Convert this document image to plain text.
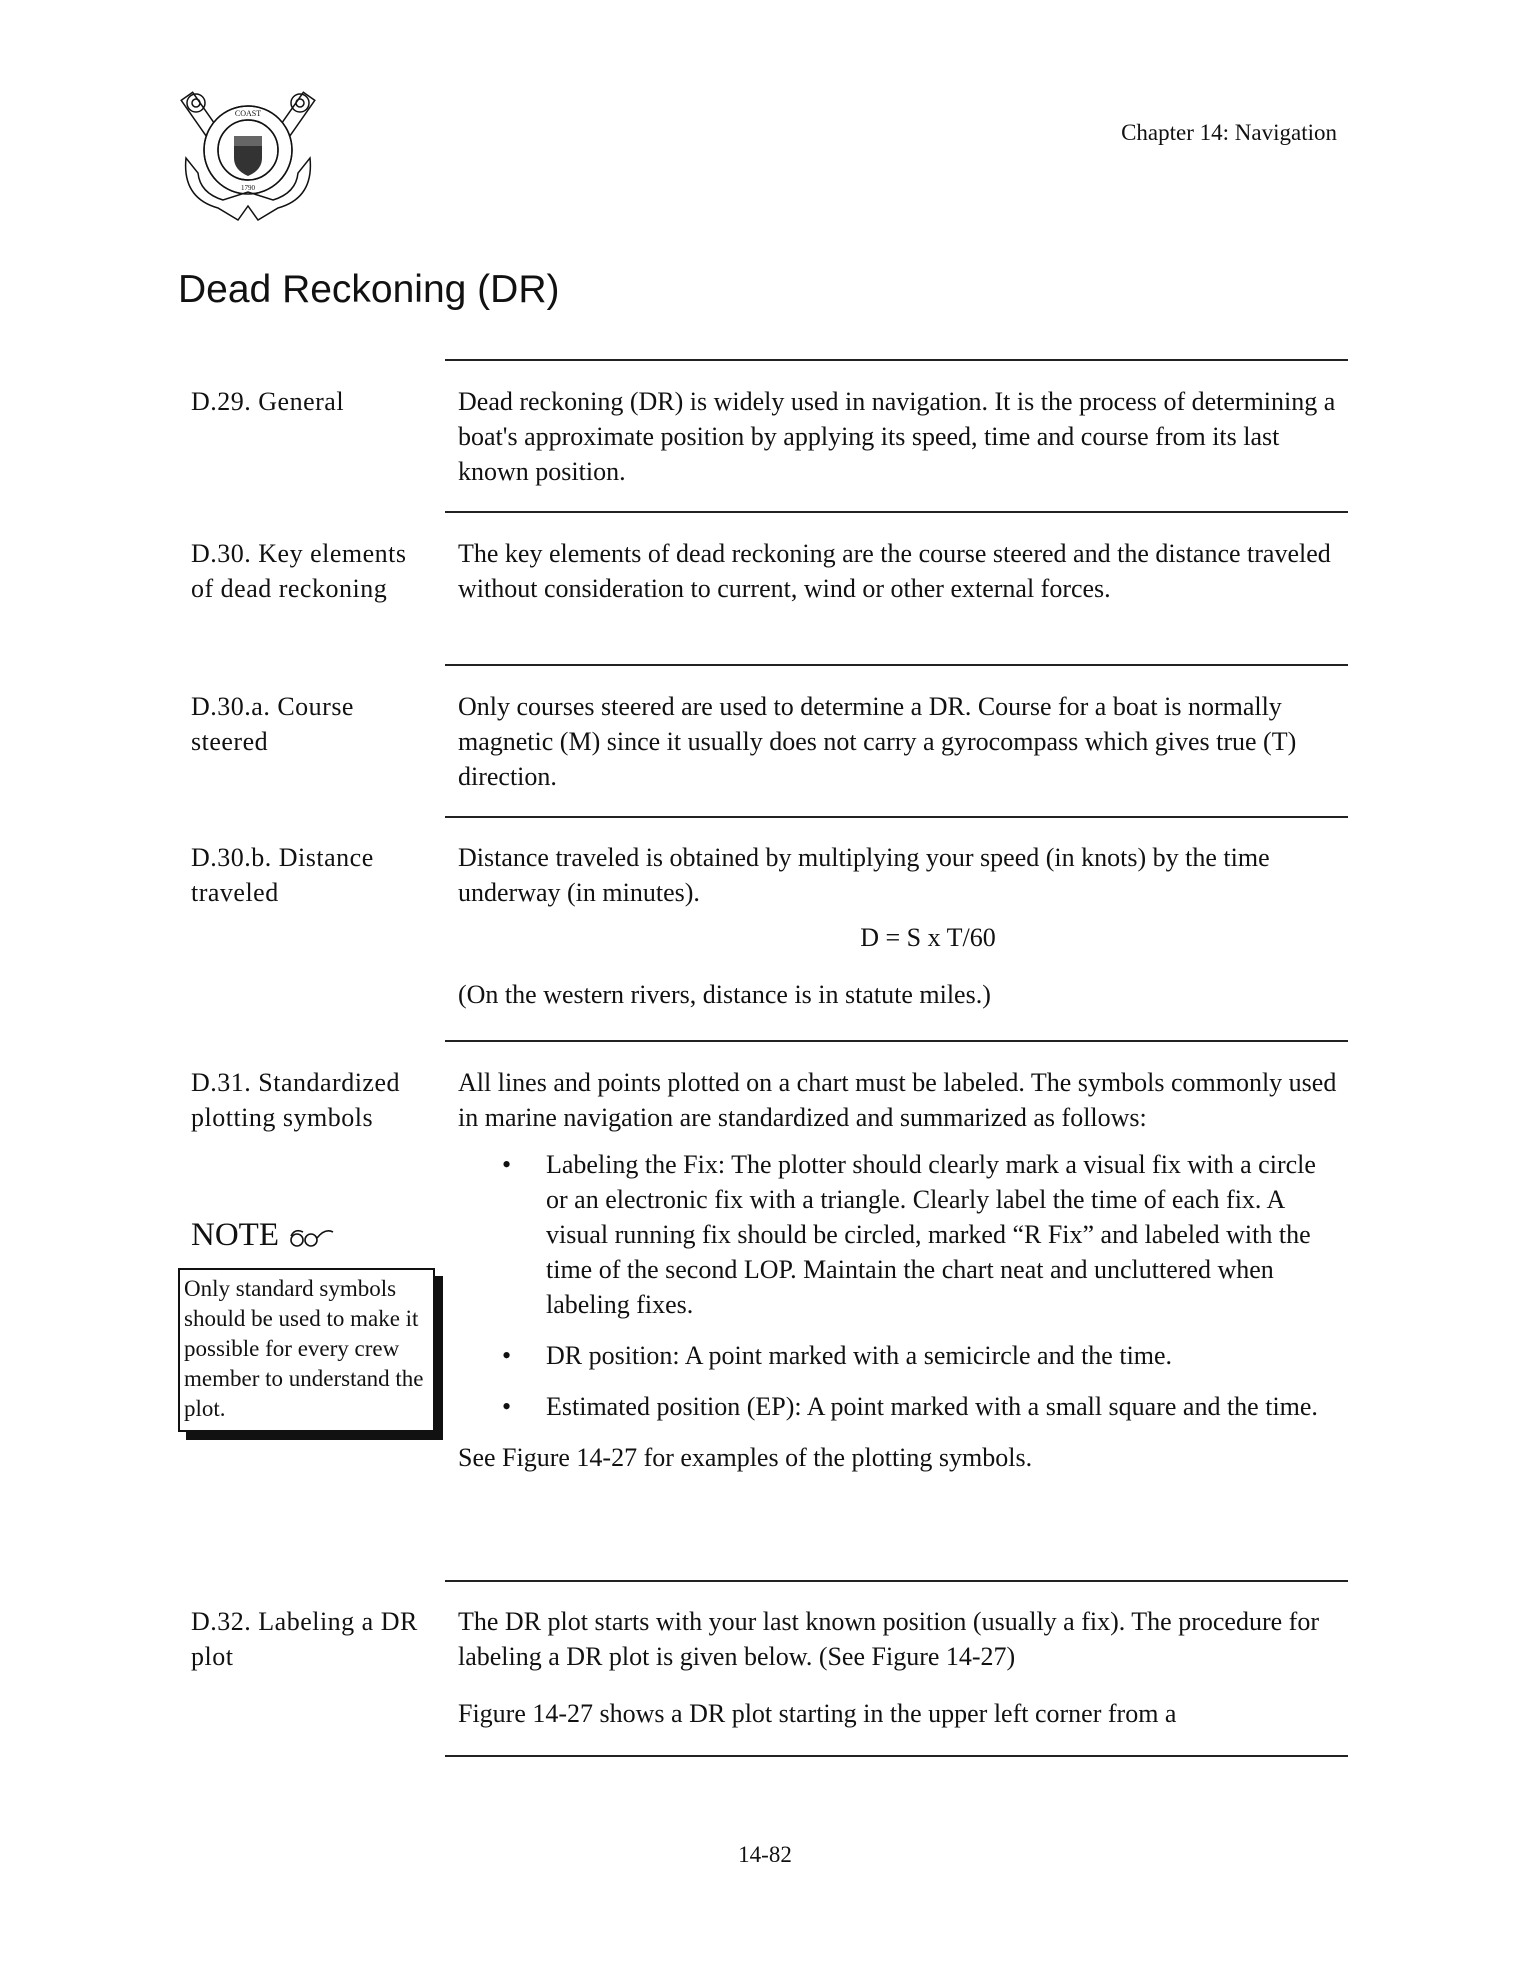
COAST
1790
Chapter 14: Navigation
Dead Reckoning (DR)
D.29. General	Dead reckoning (DR) is widely used in navigation. It is the process of determining a boat's approximate position by applying its speed, time and course from its last known position.

D.30. Key elements of dead reckoning

The key elements of dead reckoning are the course steered and the distance traveled without consideration to current, wind or other external forces.

D.30.a. Course steered

Only courses steered are used to determine a DR. Course for a boat is normally magnetic (M) since it usually does not carry a gyrocompass which gives true (T) direction.

D.30.b. Distance traveled

Distance traveled is obtained by multiplying your speed (in knots) by the time underway (in minutes).

D = S x T/60

(On the western rivers, distance is in statute miles.)

D.31. Standardized plotting symbols

All lines and points plotted on a chart must be labeled. The symbols commonly used in marine navigation are standardized and summarized as follows:

• Labeling the Fix: The plotter should clearly mark a visual fix with a circle or an electronic fix with a triangle. Clearly label the time of each fix. A visual running fix should be circled, marked “R Fix” and labeled with the time of the second LOP. Maintain the chart neat and uncluttered when labeling fixes.
• DR position: A point marked with a semicircle and the time.
• Estimated position (EP): A point marked with a small square and the time.

See Figure 14-27 for examples of the plotting symbols.

NOTE
Only standard symbols should be used to make it possible for every crew member to understand the plot.
D.32. Labeling a DR plot

The DR plot starts with your last known position (usually a fix). The procedure for labeling a DR plot is given below. (See Figure 14-27)

Figure 14-27 shows a DR plot starting in the upper left corner from a

14-82
